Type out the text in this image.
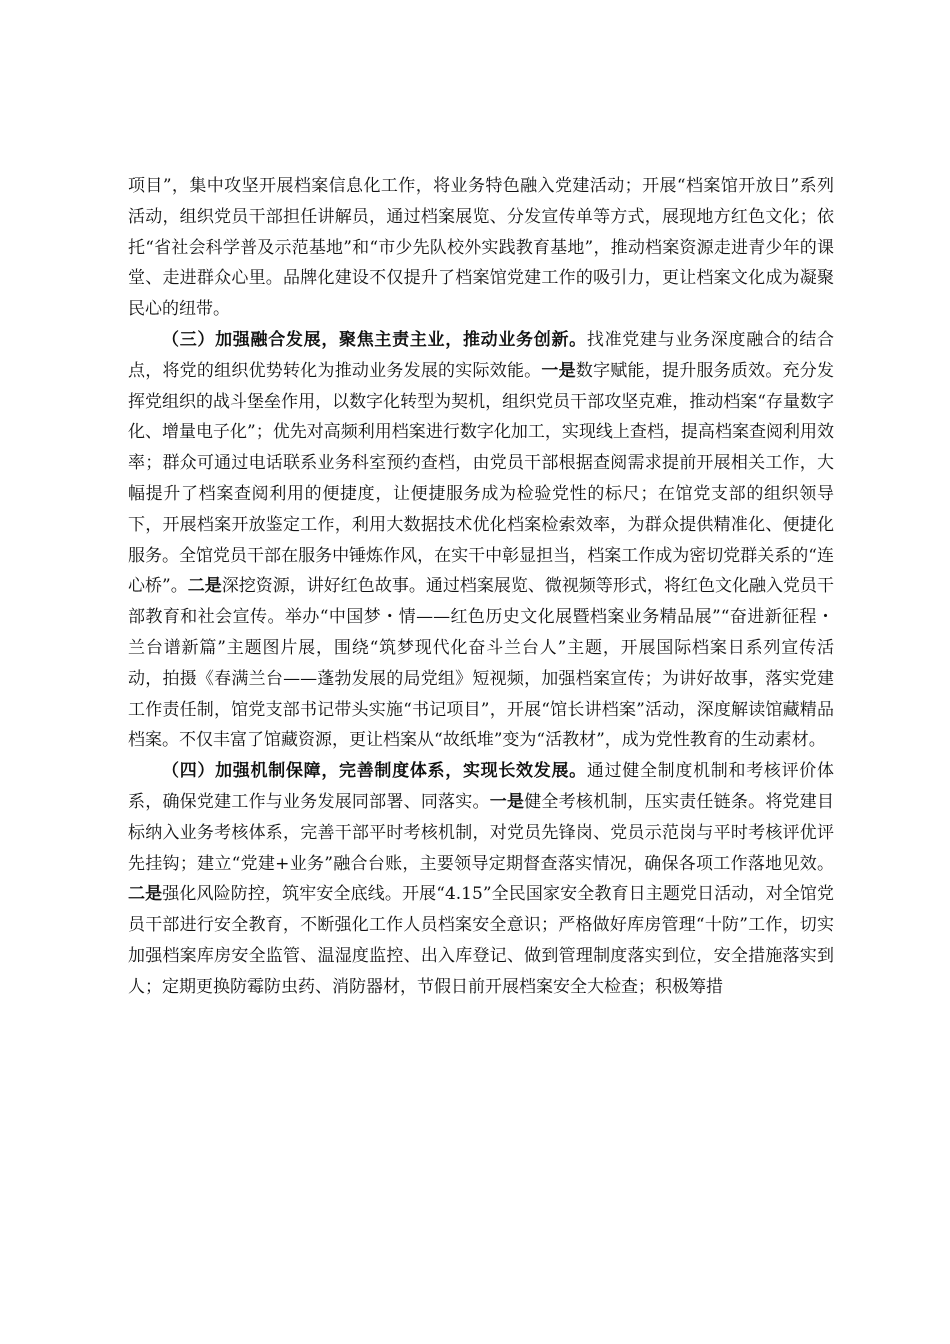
项目”，集中攻坚开展档案信息化工作，将业务特色融入党建活动；开展“档案馆开放日”系列活动，组织党员干部担任讲解员，通过档案展览、分发宣传单等方式，展现地方红色文化；依托“省社会科学普及示范基地”和“市少先队校外实践教育基地”，推动档案资源走进青少年的课堂、走进群众心里。品牌化建设不仅提升了档案馆党建工作的吸引力，更让档案文化成为凝聚民心的纽带。

（三）加强融合发展，聚焦主责主业，推动业务创新。找准党建与业务深度融合的结合点，将党的组织优势转化为推动业务发展的实际效能。一是数字赋能，提升服务质效。充分发挥党组织的战斗堡垒作用，以数字化转型为契机，组织党员干部攻坚克难，推动档案“存量数字化、增量电子化”；优先对高频利用档案进行数字化加工，实现线上查档，提高档案查阅利用效率；群众可通过电话联系业务科室预约查档，由党员干部根据查阅需求提前开展相关工作，大幅提升了档案查阅利用的便捷度，让便捷服务成为检验党性的标尺；在馆党支部的组织领导下，开展档案开放鉴定工作，利用大数据技术优化档案检索效率，为群众提供精准化、便捷化服务。全馆党员干部在服务中锤炼作风，在实干中彰显担当，档案工作成为密切党群关系的“连心桥”。二是深挖资源，讲好红色故事。通过档案展览、微视频等形式，将红色文化融入党员干部教育和社会宣传。举办“中国梦・情——红色历史文化展暨档案业务精品展”“奋进新征程・兰台谱新篇”主题图片展，围绕“筑梦现代化奋斗兰台人”主题，开展国际档案日系列宣传活动，拍摄《春满兰台——蓬勃发展的局党组》短视频，加强档案宣传；为讲好故事，落实党建工作责任制，馆党支部书记带头实施“书记项目”，开展“馆长讲档案”活动，深度解读馆藏精品档案。不仅丰富了馆藏资源，更让档案从“故纸堆”变为“活教材”，成为党性教育的生动素材。

（四）加强机制保障，完善制度体系，实现长效发展。通过健全制度机制和考核评价体系，确保党建工作与业务发展同部署、同落实。一是健全考核机制，压实责任链条。将党建目标纳入业务考核体系，完善干部平时考核机制，对党员先锋岗、党员示范岗与平时考核评优评先挂钩；建立“党建+业务”融合台账，主要领导定期督查落实情况，确保各项工作落地见效。二是强化风险防控，筑牢安全底线。开展“4.15”全民国家安全教育日主题党日活动，对全馆党员干部进行安全教育，不断强化工作人员档案安全意识；严格做好库房管理“十防”工作，切实加强档案库房安全监管、温湿度监控、出入库登记、做到管理制度落实到位，安全措施落实到人；定期更换防霉防虫药、消防器材，节假日前开展档案安全大检查；积极筹措
